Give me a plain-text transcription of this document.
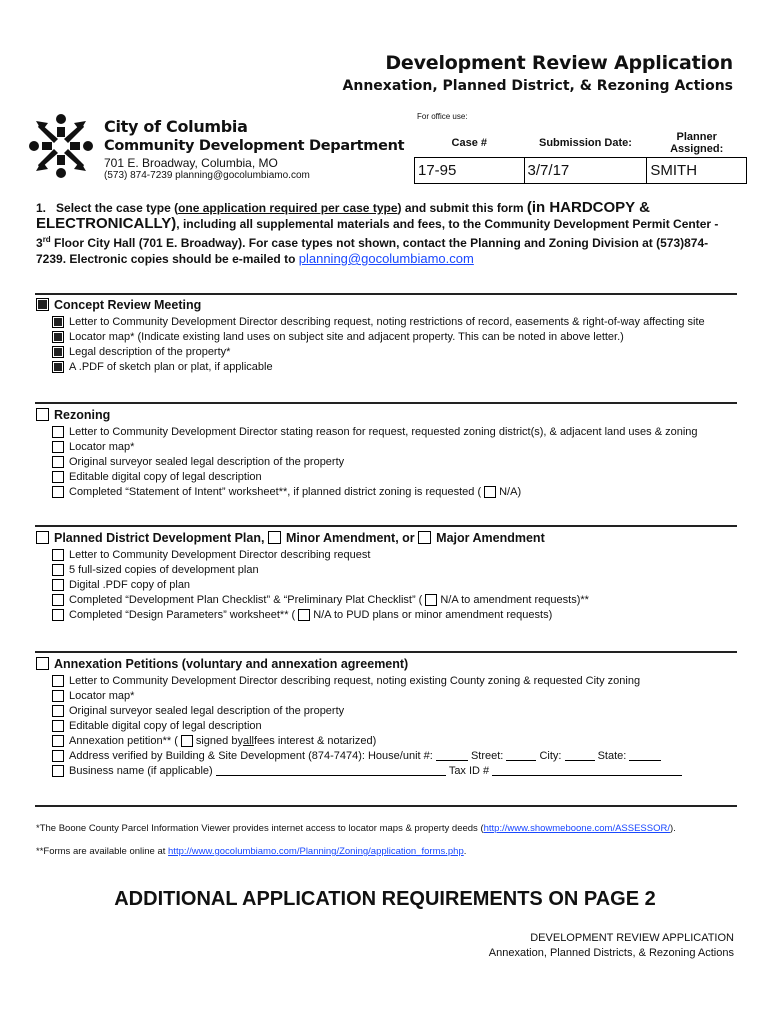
Development Review Application
Annexation, Planned District, & Rezoning Actions
City of Columbia
Community Development Department
701 E. Broadway, Columbia, MO
(573) 874-7239 planning@gocolumbiamo.com
For office use:
Case #	Submission Date:	Planner Assigned:
17-95	3/7/17	SMITH
1. Select the case type (one application required per case type) and submit this form (in HARDCOPY & ELECTRONICALLY), including all supplemental materials and fees, to the Community Development Permit Center - 3rd Floor City Hall (701 E. Broadway). For case types not shown, contact the Planning and Zoning Division at (573)874-7239. Electronic copies should be e-mailed to planning@gocolumbiamo.com
Concept Review Meeting
Letter to Community Development Director describing request, noting restrictions of record, easements & right-of-way affecting site
Locator map* (Indicate existing land uses on subject site and adjacent property. This can be noted in above letter.)
Legal description of the property*
A .PDF of sketch plan or plat, if applicable
Rezoning
Letter to Community Development Director stating reason for request, requested zoning district(s), & adjacent land uses & zoning
Locator map*
Original surveyor sealed legal description of the property
Editable digital copy of legal description
Completed “Statement of Intent” worksheet**, if planned district zoning is requested ( N/A)
Planned District Development Plan,
Minor Amendment, or
Major Amendment
Letter to Community Development Director describing request
5 full-sized copies of development plan
Digital .PDF copy of plan
Completed “Development Plan Checklist” & “Preliminary Plat Checklist” ( N/A to amendment requests)**
Completed “Design Parameters” worksheet** ( N/A to PUD plans or minor amendment requests)
Annexation Petitions (voluntary and annexation agreement)
Letter to Community Development Director describing request, noting existing County zoning & requested City zoning
Locator map*
Original surveyor sealed legal description of the property
Editable digital copy of legal description
Annexation petition** ( signed by all fees interest & notarized)
Address verified by Building & Site Development (874-7474): House/unit #:

	Street:

	City:

	State:

Business name (if applicable)

	Tax ID #

*The Boone County Parcel Information Viewer provides internet access to locator maps & property deeds (http://www.showmeboone.com/ASSESSOR/).
**Forms are available online at http://www.gocolumbiamo.com/Planning/Zoning/application_forms.php.
ADDITIONAL APPLICATION REQUIREMENTS ON PAGE 2
DEVELOPMENT REVIEW APPLICATION
Annexation, Planned Districts, & Rezoning Actions
